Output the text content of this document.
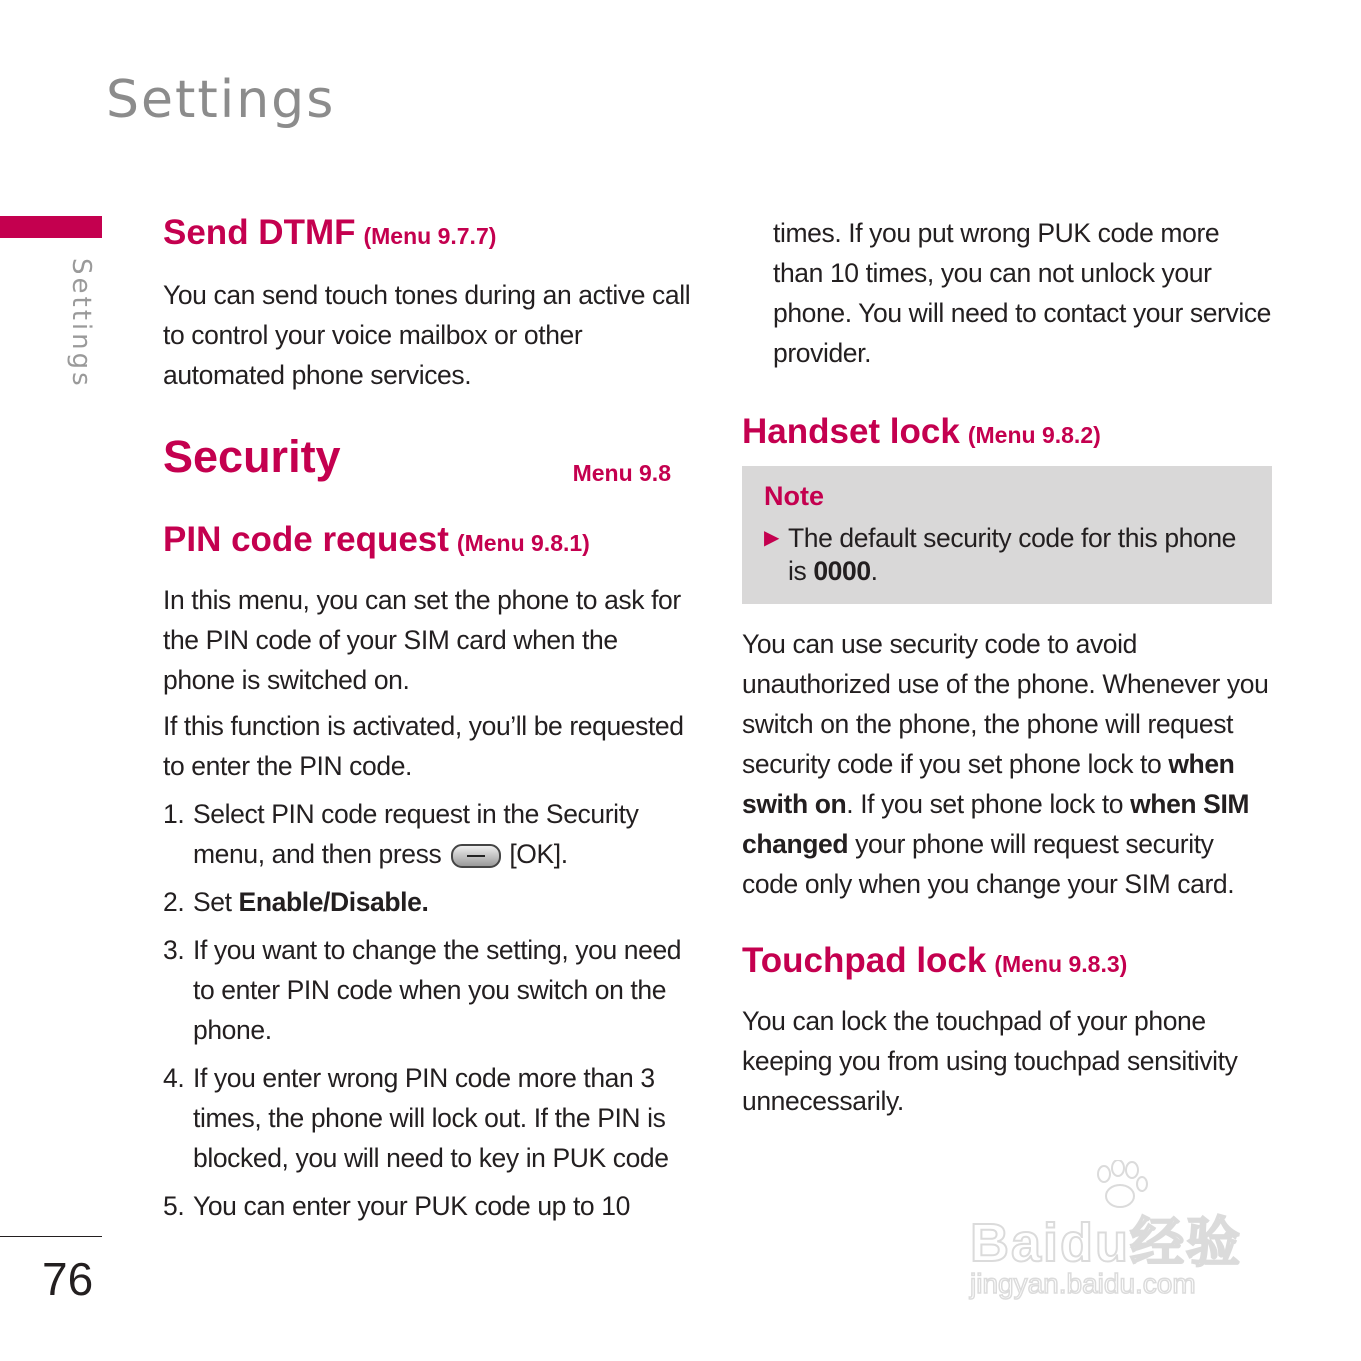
Settings
Settings
76
Send DTMF (Menu 9.7.7)

You can send touch tones during an active call to control your voice mailbox or other automated phone services.

Security	Menu 9.8
PIN code request (Menu 9.8.1)

In this menu, you can set the phone to ask for the PIN code of your SIM card when the phone is switched on.

If this function is activated, you’ll be requested to enter the PIN code.

1. Select PIN code request in the Security menu, and then press	[OK].
2. Set Enable/Disable.
3. If you want to change the setting, you need to enter PIN code when you switch on the phone.
4. If you enter wrong PIN code more than 3 times, the phone will lock out. If the PIN is blocked, you will need to key in PUK code
5. You can enter your PUK code up to 10

times. If you put wrong PUK code more than 10 times, you can not unlock your phone. You will need to contact your service provider.

Handset lock (Menu 9.8.2)
Note
▶ The default security code for this phone is 0000.

You can use security code to avoid unauthorized use of the phone. Whenever you switch on the phone, the phone will request security code if you set phone lock to when swith on. If you set phone lock to when SIM changed your phone will request security code only when you change your SIM card.

Touchpad lock (Menu 9.8.3)

You can lock the touchpad of your phone keeping you from using touchpad sensitivity unnecessarily.

Baidu经验
jingyan.baidu.com
